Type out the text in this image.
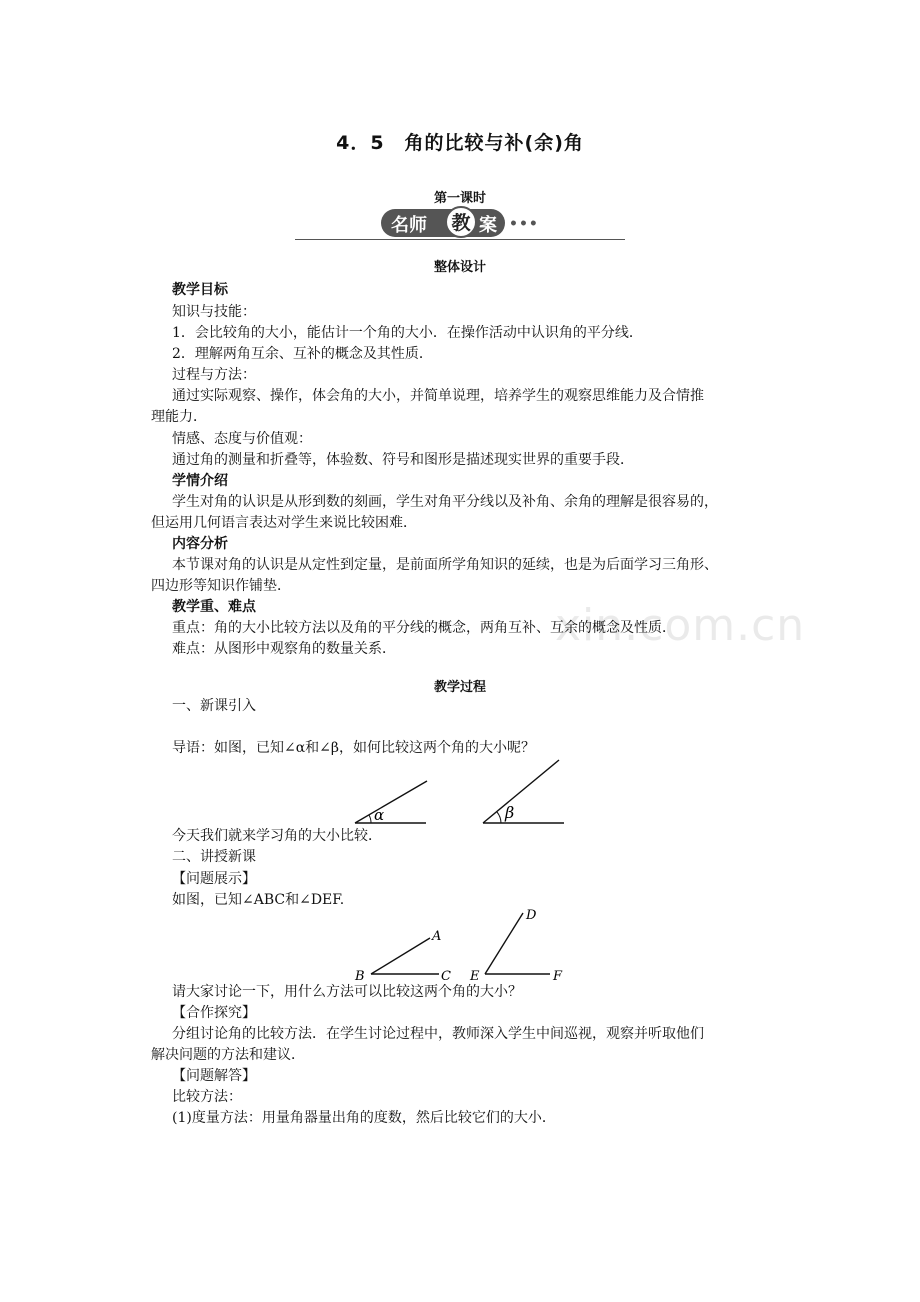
xin.com.cn
4．5　角的比较与补(余)角
第一课时
名师 教 案 •••
整体设计
教学目标
知识与技能：
1．会比较角的大小，能估计一个角的大小．在操作活动中认识角的平分线．
2．理解两角互余、互补的概念及其性质．
过程与方法：
通过实际观察、操作，体会角的大小，并简单说理，培养学生的观察思维能力及合情推
理能力．
情感、态度与价值观：
通过角的测量和折叠等，体验数、符号和图形是描述现实世界的重要手段．
学情介绍
学生对角的认识是从形到数的刻画，学生对角平分线以及补角、余角的理解是很容易的，
但运用几何语言表达对学生来说比较困难．
内容分析
本节课对角的认识是从定性到定量，是前面所学角知识的延续，也是为后面学习三角形、
四边形等知识作铺垫．
教学重、难点
重点：角的大小比较方法以及角的平分线的概念，两角互补、互余的概念及性质．
难点：从图形中观察角的数量关系．
教学过程
一、新课引入
导语：如图，已知∠α和∠β，如何比较这两个角的大小呢？
α	β
今天我们就来学习角的大小比较．
二、讲授新课
【问题展示】
如图，已知∠ABC和∠DEF.
A
B	C
D
E	F
请大家讨论一下，用什么方法可以比较这两个角的大小？
【合作探究】
分组讨论角的比较方法．在学生讨论过程中，教师深入学生中间巡视，观察并听取他们
解决问题的方法和建议．
【问题解答】
比较方法：
(1)度量方法：用量角器量出角的度数，然后比较它们的大小．
